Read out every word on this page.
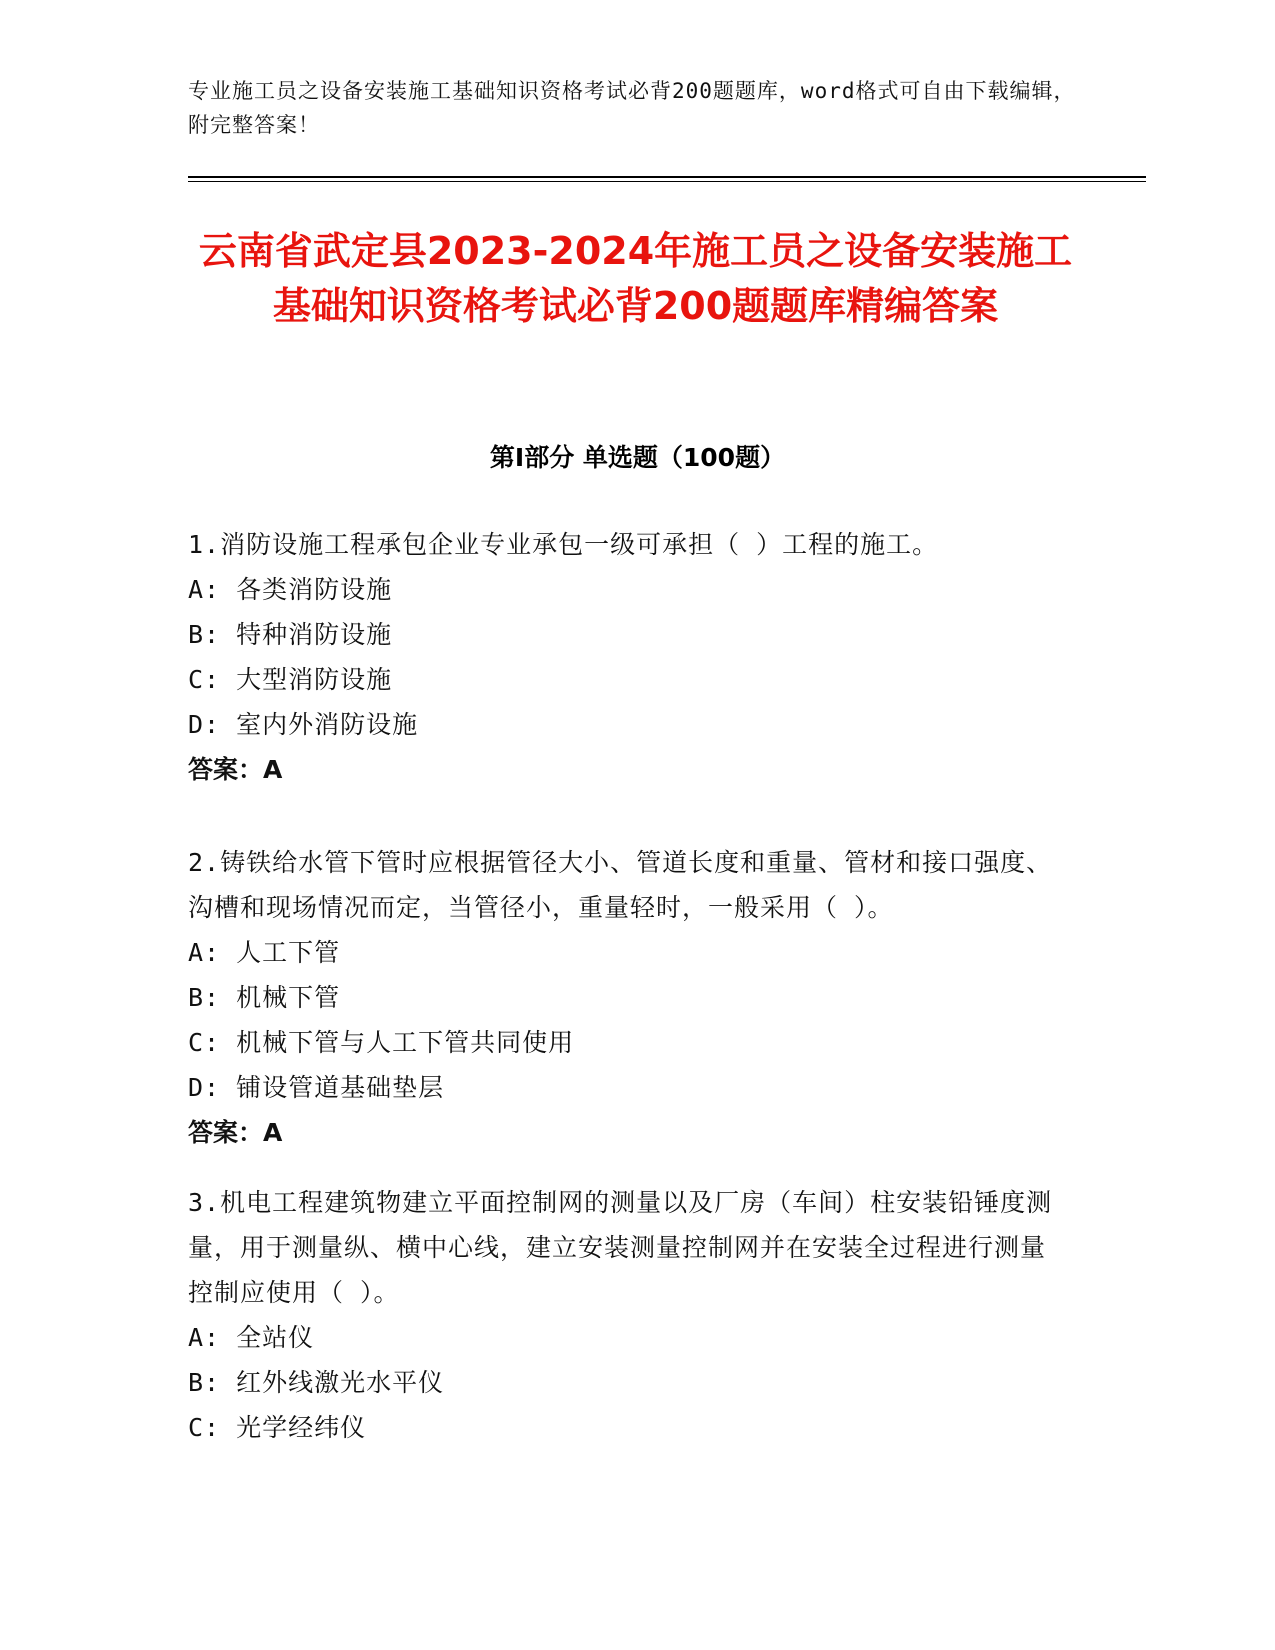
专业施工员之设备安装施工基础知识资格考试必背200题题库，word格式可自由下载编辑，附完整答案！
云南省武定县2023-2024年施工员之设备安装施工基础知识资格考试必背200题题库精编答案
第I部分 单选题（100题）
1.消防设施工程承包企业专业承包一级可承担（ ）工程的施工。
A: 各类消防设施
B: 特种消防设施
C: 大型消防设施
D: 室内外消防设施
答案：A
2.铸铁给水管下管时应根据管径大小、管道长度和重量、管材和接口强度、沟槽和现场情况而定，当管径小，重量轻时，一般采用（ ）。
A: 人工下管
B: 机械下管
C: 机械下管与人工下管共同使用
D: 铺设管道基础垫层
答案：A
3.机电工程建筑物建立平面控制网的测量以及厂房（车间）柱安装铅锤度测量，用于测量纵、横中心线，建立安装测量控制网并在安装全过程进行测量控制应使用（ ）。
A: 全站仪
B: 红外线激光水平仪
C: 光学经纬仪
